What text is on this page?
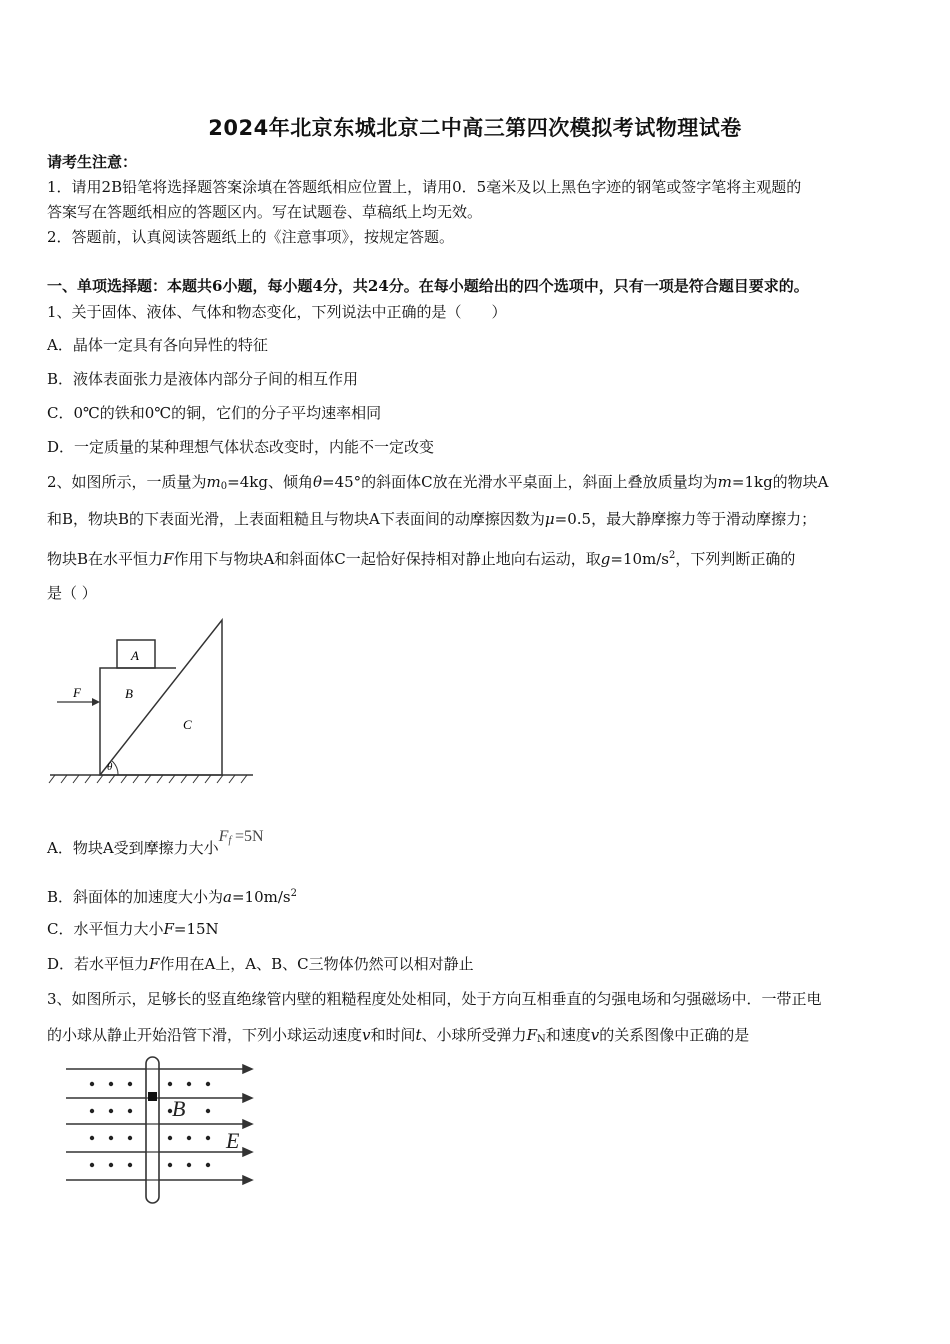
2024年北京东城北京二中高三第四次模拟考试物理试卷
请考生注意：
1．请用2B铅笔将选择题答案涂填在答题纸相应位置上，请用0．5毫米及以上黑色字迹的钢笔或签字笔将主观题的
答案写在答题纸相应的答题区内。写在试题卷、草稿纸上均无效。
2．答题前，认真阅读答题纸上的《注意事项》，按规定答题。
一、单项选择题：本题共6小题，每小题4分，共24分。在每小题给出的四个选项中，只有一项是符合题目要求的。
1、关于固体、液体、气体和物态变化，下列说法中正确的是（　　）
A．晶体一定具有各向异性的特征
B．液体表面张力是液体内部分子间的相互作用
C．0℃的铁和0℃的铜，它们的分子平均速率相同
D．一定质量的某种理想气体状态改变时，内能不一定改变
2、如图所示，一质量为$m_0=4kg$、倾角θ=45°的斜面体C放在光滑水平桌面上，斜面上叠放质量均为m=1kg的物块A
和B，物块B的下表面光滑，上表面粗糙且与物块A下表面间的动摩擦因数为μ=0.5，最大静摩擦力等于滑动摩擦力；
物块B在水平恒力F作用下与物块A和斜面体C一起恰好保持相对静止地向右运动，取$g=10m/s^2$，下列判断正确的
是（ ）
A
B
C
F
θ
A．物块A受到摩擦力大小$F_f =5N$
B．斜面体的加速度大小为$a=10m/s^2$
C．水平恒力大小F=15N
D．若水平恒力F作用在A上，A、B、C三物体仍然可以相对静止
3、如图所示，足够长的竖直绝缘管内壁的粗糙程度处处相同，处于方向互相垂直的匀强电场和匀强磁场中．一带正电
的小球从静止开始沿管下滑，下列小球运动速度v和时间t、小球所受弹力$F_N$和速度v的关系图像中正确的是
B
E
